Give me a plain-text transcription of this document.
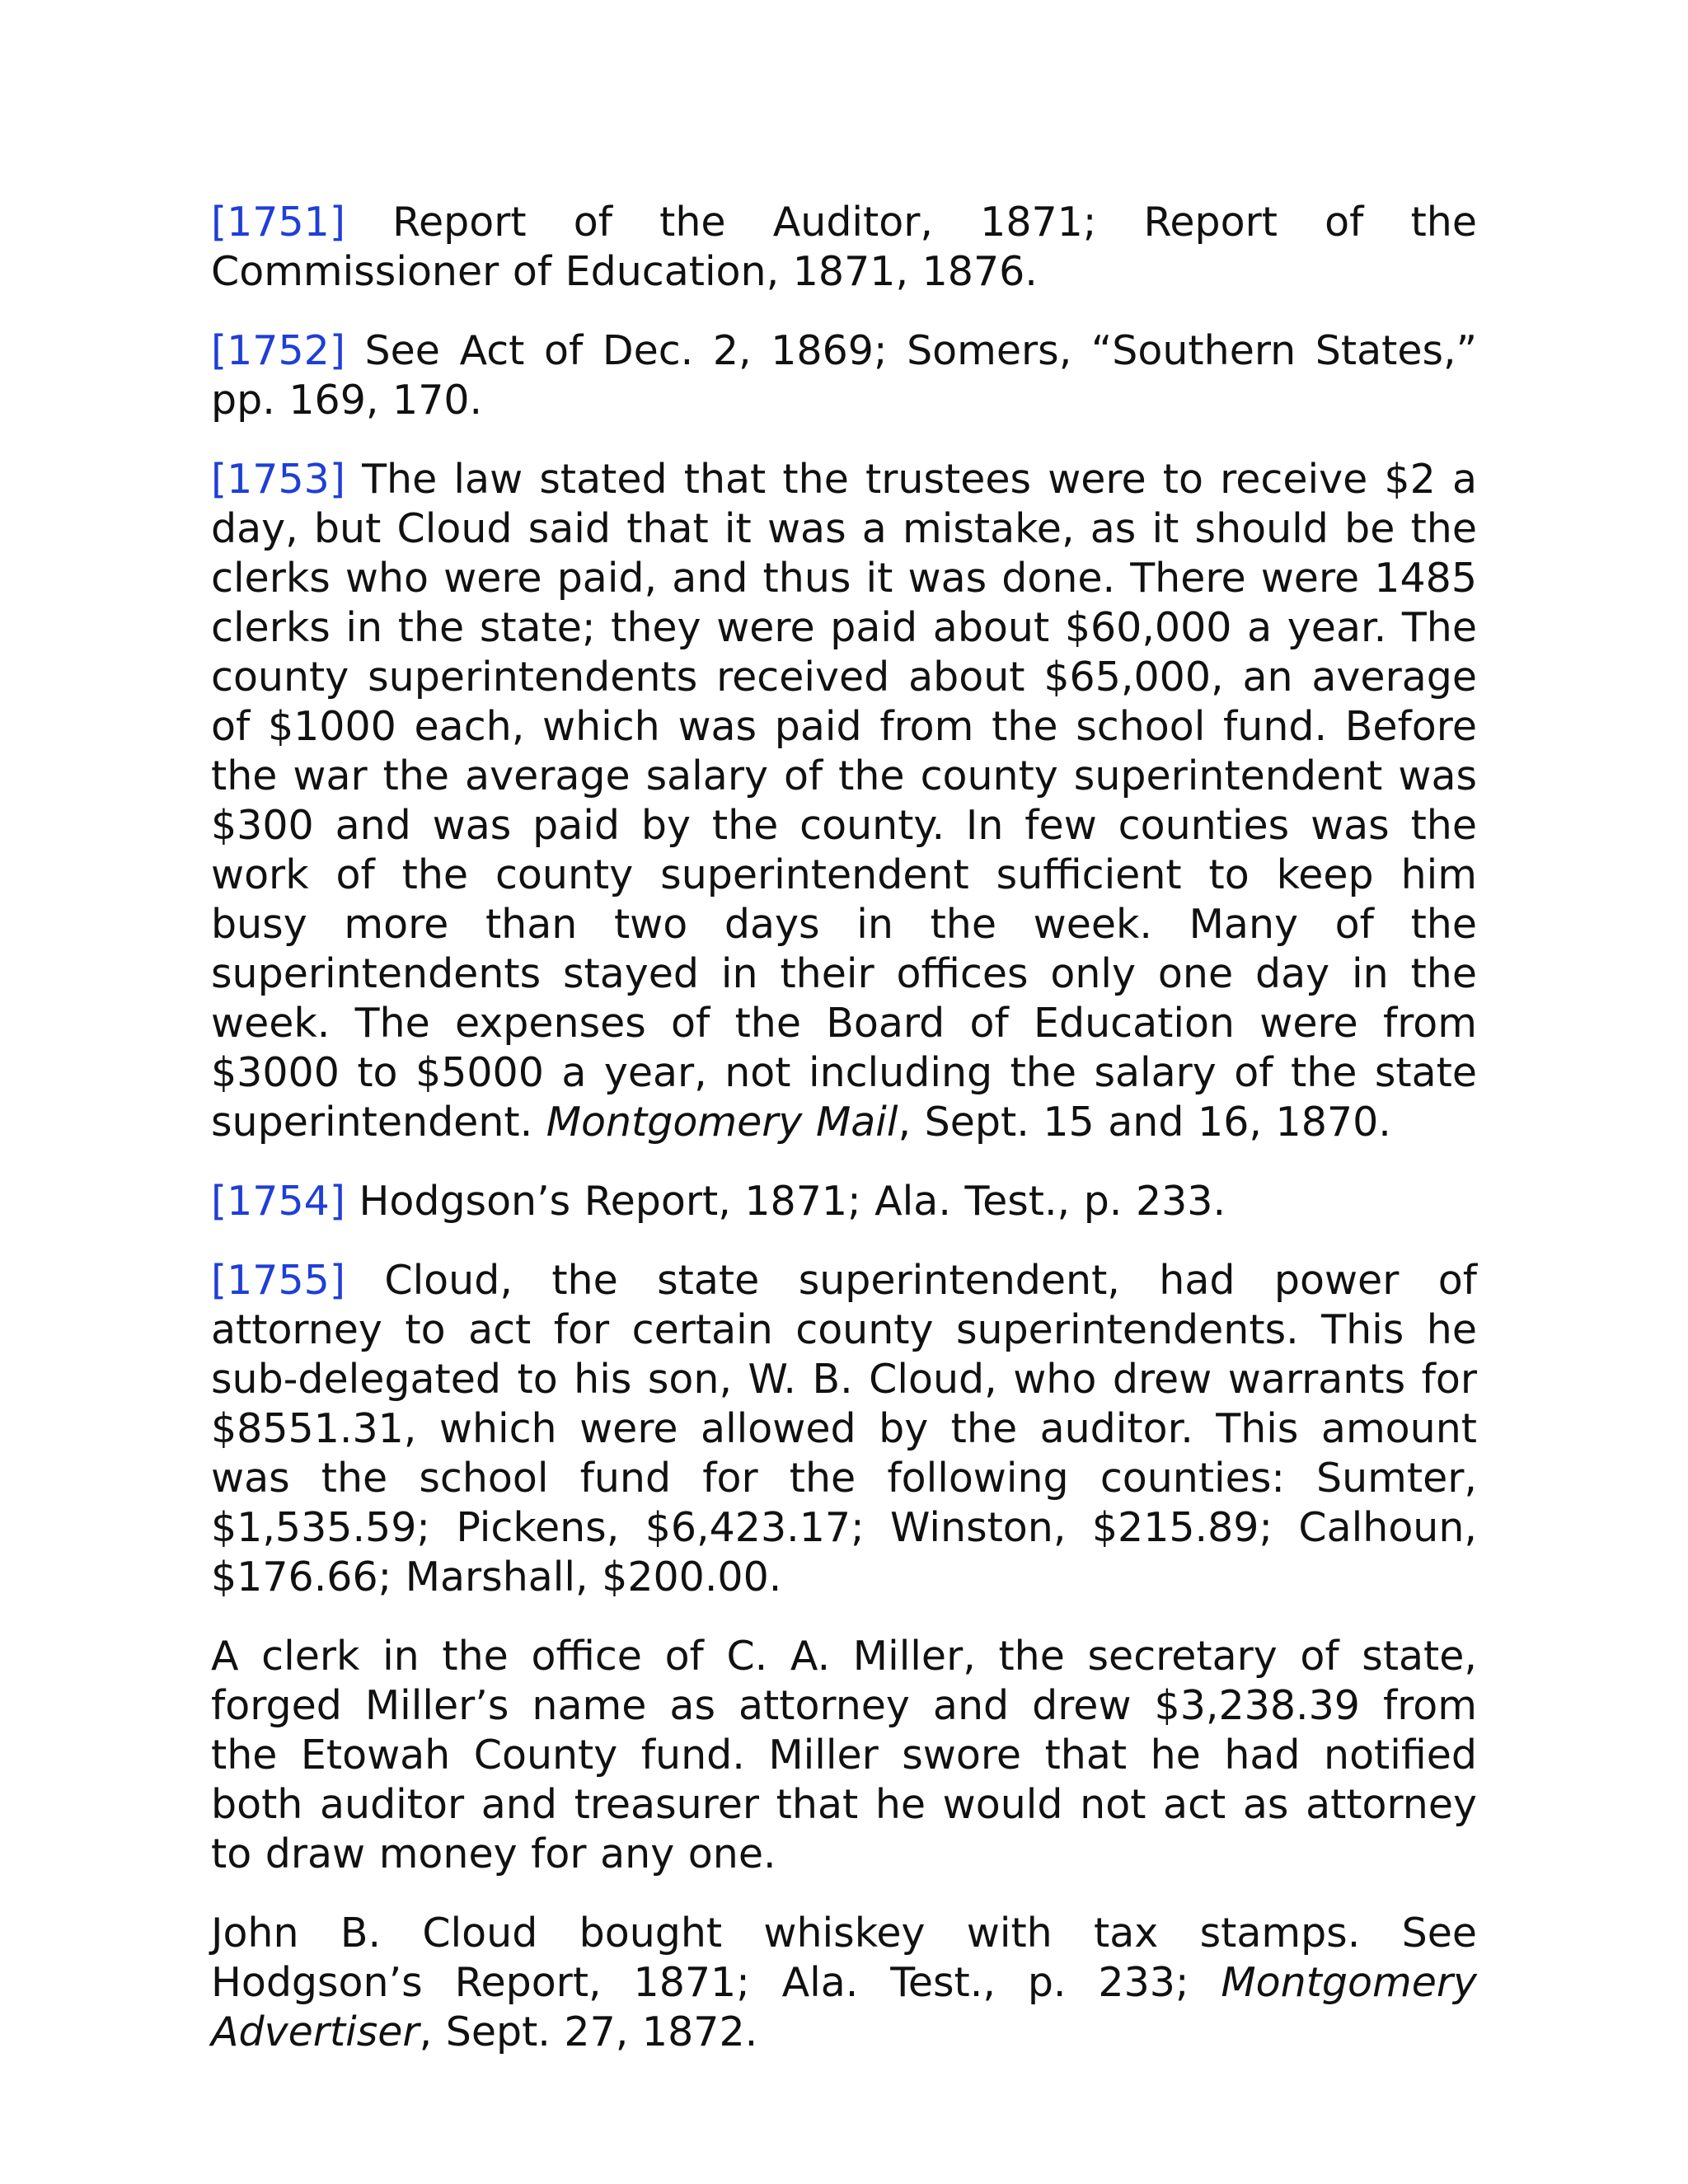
[1751] Report of the Auditor, 1871; Report of the Commissioner of Education, 1871, 1876.

[1752] See Act of Dec. 2, 1869; Somers, “Southern States,” pp. 169, 170.

[1753] The law stated that the trustees were to receive $2 a day, but Cloud said that it was a mistake, as it should be the clerks who were paid, and thus it was done. There were 1485 clerks in the state; they were paid about $60,000 a year. The county superintendents received about $65,000, an average of $1000 each, which was paid from the school fund. Before the war the average salary of the county superintendent was $300 and was paid by the county. In few counties was the work of the county superintendent sufficient to keep him busy more than two days in the week. Many of the superintendents stayed in their offices only one day in the week. The expenses of the Board of Education were from $3000 to $5000 a year, not including the salary of the state superintendent. Montgomery Mail, Sept. 15 and 16, 1870.

[1754] Hodgson’s Report, 1871; Ala. Test., p. 233.

[1755] Cloud, the state superintendent, had power of attorney to act for certain county superintendents. This he sub-delegated to his son, W. B. Cloud, who drew warrants for $8551.31, which were allowed by the auditor. This amount was the school fund for the following counties: Sumter, $1,535.59; Pickens, $6,423.17; Winston, $215.89; Calhoun, $176.66; Marshall, $200.00.

A clerk in the office of C. A. Miller, the secretary of state, forged Miller’s name as attorney and drew $3,238.39 from the Etowah County fund. Miller swore that he had notified both auditor and treasurer that he would not act as attorney to draw money for any one.

John B. Cloud bought whiskey with tax stamps. See Hodgson’s Report, 1871; Ala. Test., p. 233; Montgomery Advertiser, Sept. 27, 1872.
